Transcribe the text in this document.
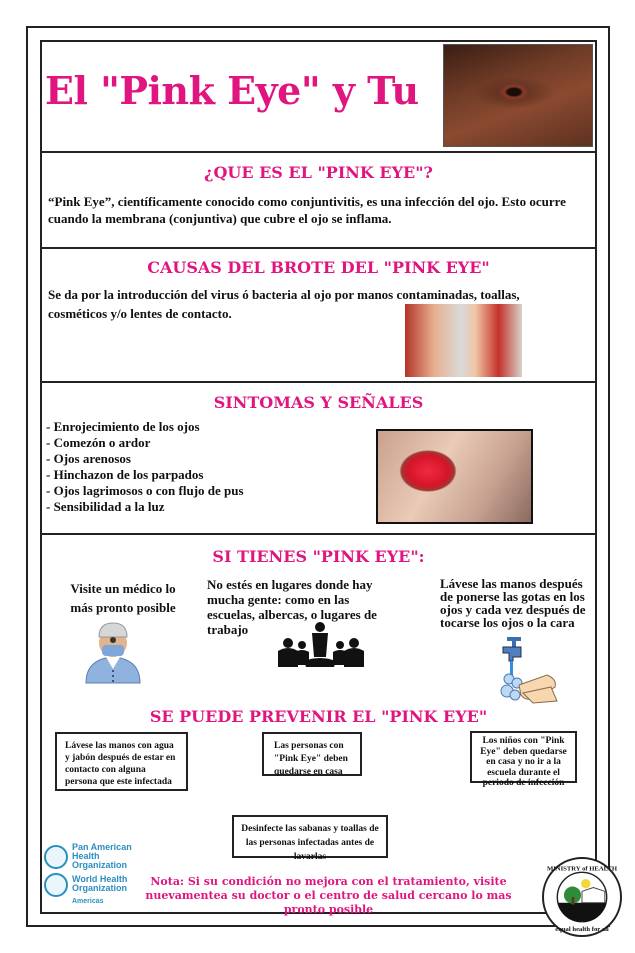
El "Pink Eye" y Tu
¿QUE ES EL "PINK EYE"?
“Pink Eye”, científicamente conocido como conjuntivitis, es una infección del ojo. Esto ocurre cuando la membrana (conjuntiva) que cubre el ojo se inflama.
CAUSAS DEL BROTE DEL "PINK EYE"
Se da por la introducción del virus ó bacteria al ojo por manos contaminadas, toallas, cosméticos y/o lentes de contacto.
SINTOMAS Y SEÑALES
- Enrojecimiento de los ojos
- Comezón o ardor
- Ojos arenosos
- Hinchazon de los parpados
- Ojos lagrimosos o con flujo de pus
- Sensibilidad a la luz
SI TIENES "PINK EYE":
Visite un médico lo más pronto posible
No estés en lugares donde hay mucha gente: como en las escuelas, albercas, o lugares de trabajo
Lávese las manos después de ponerse las gotas en los ojos y cada vez después de tocarse los ojos o la cara
SE PUEDE PREVENIR EL "PINK EYE"
Lávese las manos con agua y jabón después de estar en contacto con alguna persona que este infectada
Las personas con "Pink Eye" deben quedarse en casa
Los niños con "Pink Eye" deben quedarse en casa y no ir a la escuela durante el periodo de infección
Desinfecte las sabanas y toallas de las personas infectadas antes de lavarlas
Pan American
Health
Organization
World Health
Organization
Americas
Nota: Si su condición no mejora con el tratamiento, visite nuevamentea su doctor o el centro de salud cercano lo mas pronto posible
MINISTRY of HEALTH
equal health for all
